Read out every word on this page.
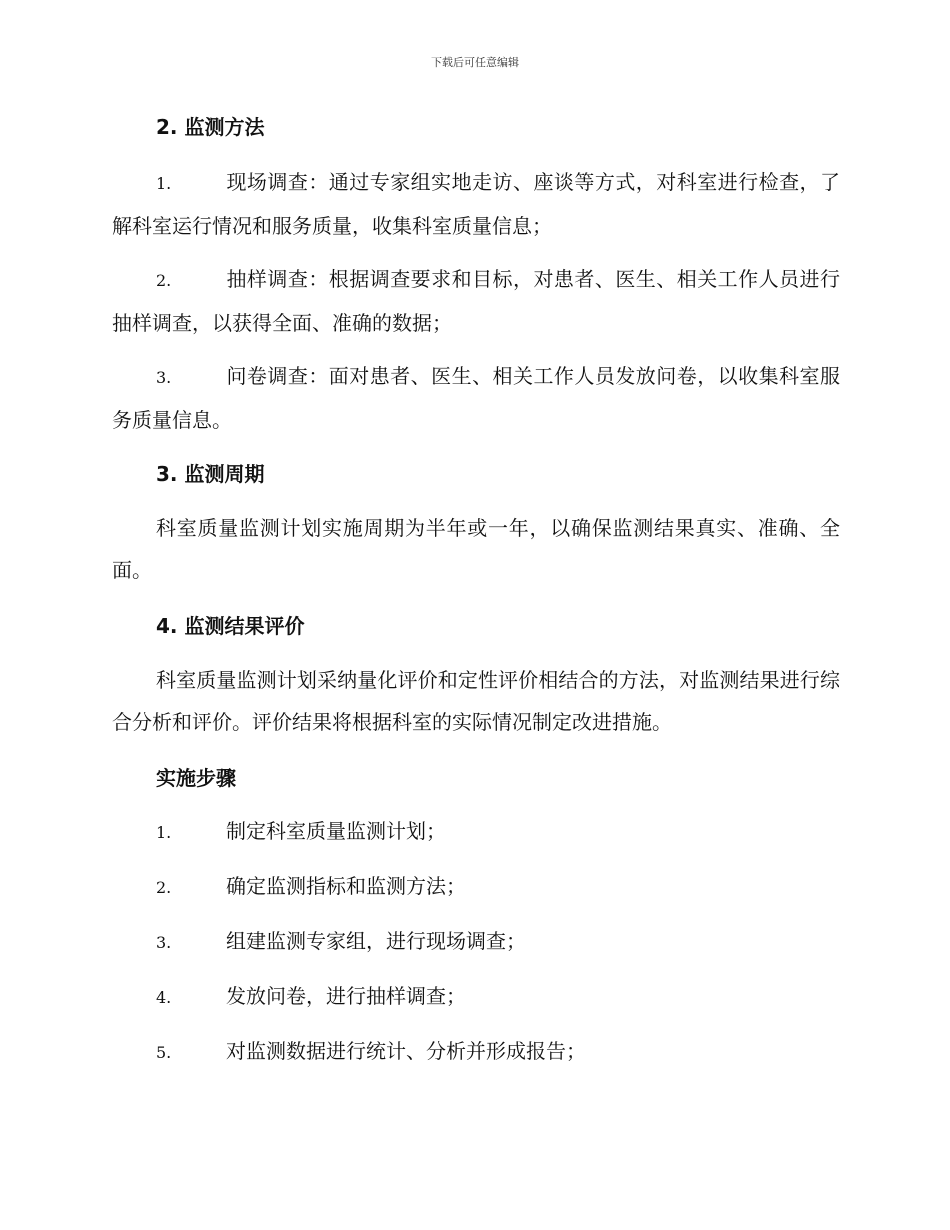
下载后可任意编辑
2. 监测方法
1.	现场调查：通过专家组实地走访、座谈等方式，对科室进行检查，了解科室运行情况和服务质量，收集科室质量信息；
2.	抽样调查：根据调查要求和目标，对患者、医生、相关工作人员进行抽样调查，以获得全面、准确的数据；
3.	问卷调查：面对患者、医生、相关工作人员发放问卷，以收集科室服务质量信息。
3. 监测周期
科室质量监测计划实施周期为半年或一年，以确保监测结果真实、准确、全面。
4. 监测结果评价
科室质量监测计划采纳量化评价和定性评价相结合的方法，对监测结果进行综合分析和评价。评价结果将根据科室的实际情况制定改进措施。
实施步骤
1.	制定科室质量监测计划；
2.	确定监测指标和监测方法；
3.	组建监测专家组，进行现场调查；
4.	发放问卷，进行抽样调查；
5.	对监测数据进行统计、分析并形成报告；
